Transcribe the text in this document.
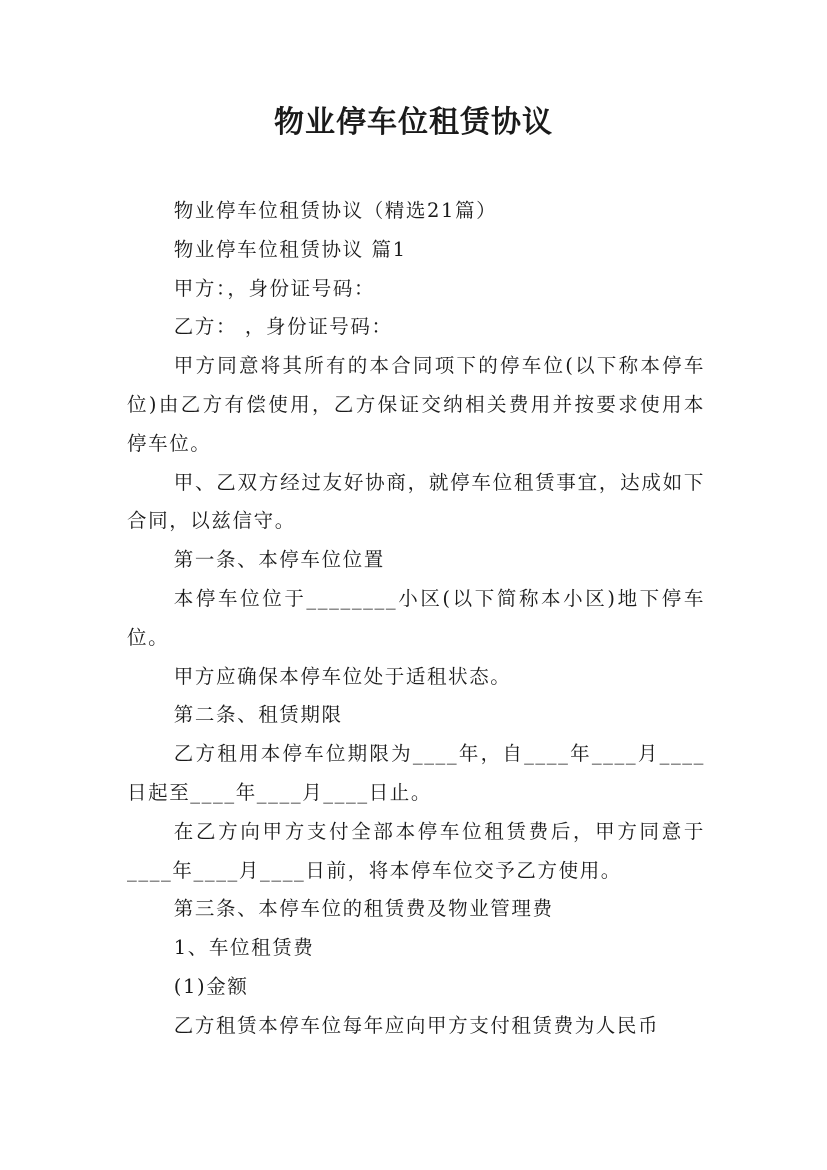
物业停车位租赁协议

物业停车位租赁协议（精选21篇）

物业停车位租赁协议 篇1

甲方：，身份证号码：

乙方： ，身份证号码：

甲方同意将其所有的本合同项下的停车位(以下称本停车位)由乙方有偿使用，乙方保证交纳相关费用并按要求使用本停车位。

甲、乙双方经过友好协商，就停车位租赁事宜，达成如下合同，以兹信守。

第一条、本停车位位置

本停车位位于________小区(以下简称本小区)地下停车位。

甲方应确保本停车位处于适租状态。

第二条、租赁期限

乙方租用本停车位期限为____年，自____年____月____日起至____年____月____日止。

在乙方向甲方支付全部本停车位租赁费后，甲方同意于____年____月____日前，将本停车位交予乙方使用。

第三条、本停车位的租赁费及物业管理费

1、车位租赁费

(1)金额

乙方租赁本停车位每年应向甲方支付租赁费为人民币
